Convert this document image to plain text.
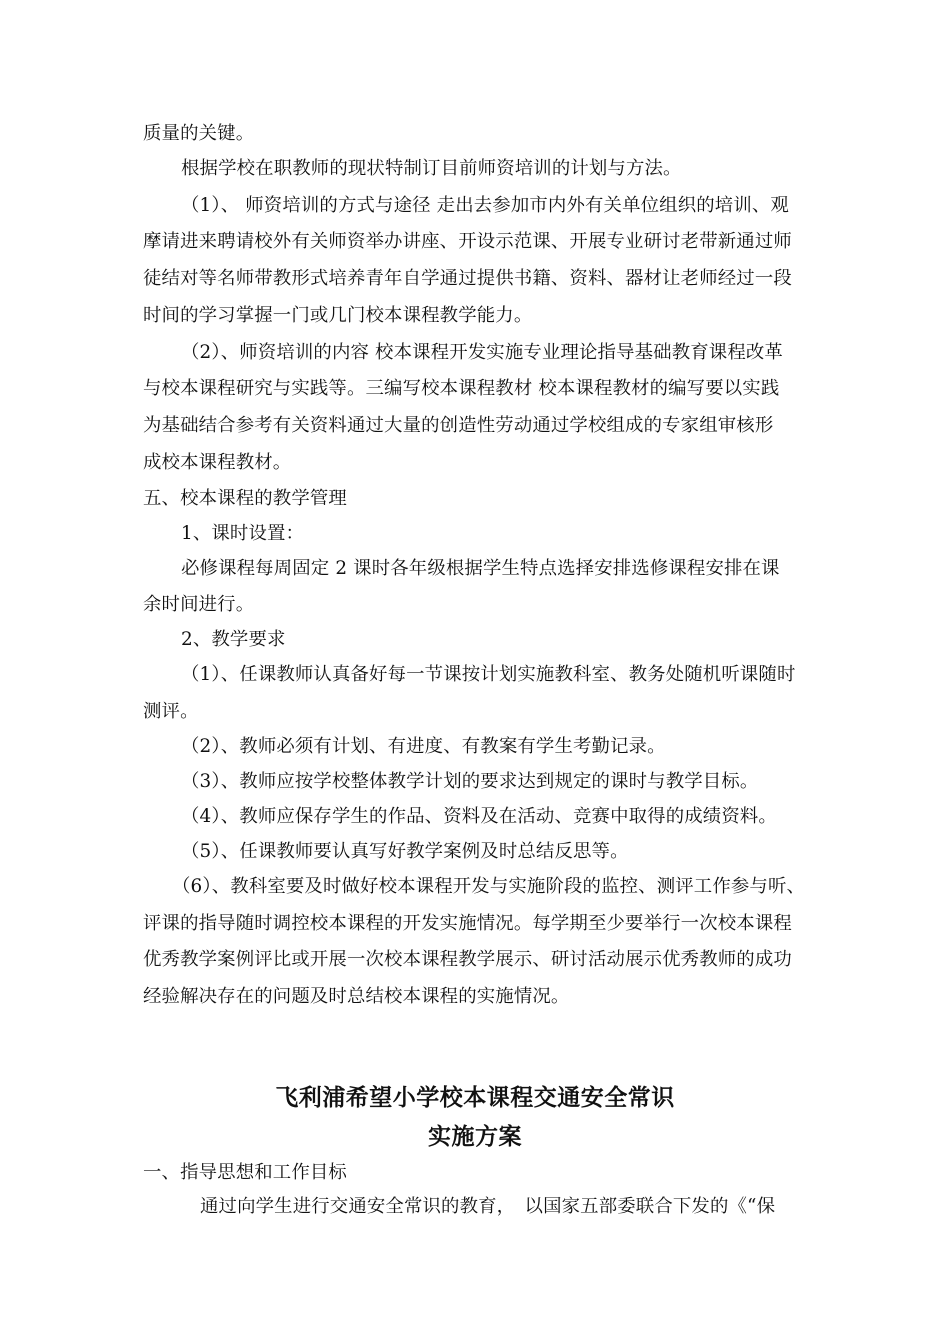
质量的关键。
根据学校在职教师的现状特制订目前师资培训的计划与方法。
（1）、 师资培训的方式与途径 走出去参加市内外有关单位组织的培训、观
摩请进来聘请校外有关师资举办讲座、开设示范课、开展专业研讨老带新通过师
徒结对等名师带教形式培养青年自学通过提供书籍、资料、器材让老师经过一段
时间的学习掌握一门或几门校本课程教学能力。
（2）、师资培训的内容 校本课程开发实施专业理论指导基础教育课程改革
与校本课程研究与实践等。三编写校本课程教材 校本课程教材的编写要以实践
为基础结合参考有关资料通过大量的创造性劳动通过学校组成的专家组审核形
成校本课程教材。
五、校本课程的教学管理
1、课时设置：
必修课程每周固定 2 课时各年级根据学生特点选择安排选修课程安排在课
余时间进行。
2、教学要求
（1）、任课教师认真备好每一节课按计划实施教科室、教务处随机听课随时
测评。
（2）、教师必须有计划、有进度、有教案有学生考勤记录。
（3）、教师应按学校整体教学计划的要求达到规定的课时与教学目标。
（4）、教师应保存学生的作品、资料及在活动、竞赛中取得的成绩资料。
（5）、任课教师要认真写好教学案例及时总结反思等。
（6）、教科室要及时做好校本课程开发与实施阶段的监控、测评工作参与听、
评课的指导随时调控校本课程的开发实施情况。每学期至少要举行一次校本课程
优秀教学案例评比或开展一次校本课程教学展示、研讨活动展示优秀教师的成功
经验解决存在的问题及时总结校本课程的实施情况。
飞利浦希望小学校本课程交通安全常识
实施方案
一、指导思想和工作目标
通过向学生进行交通安全常识的教育，　以国家五部委联合下发的《“保
